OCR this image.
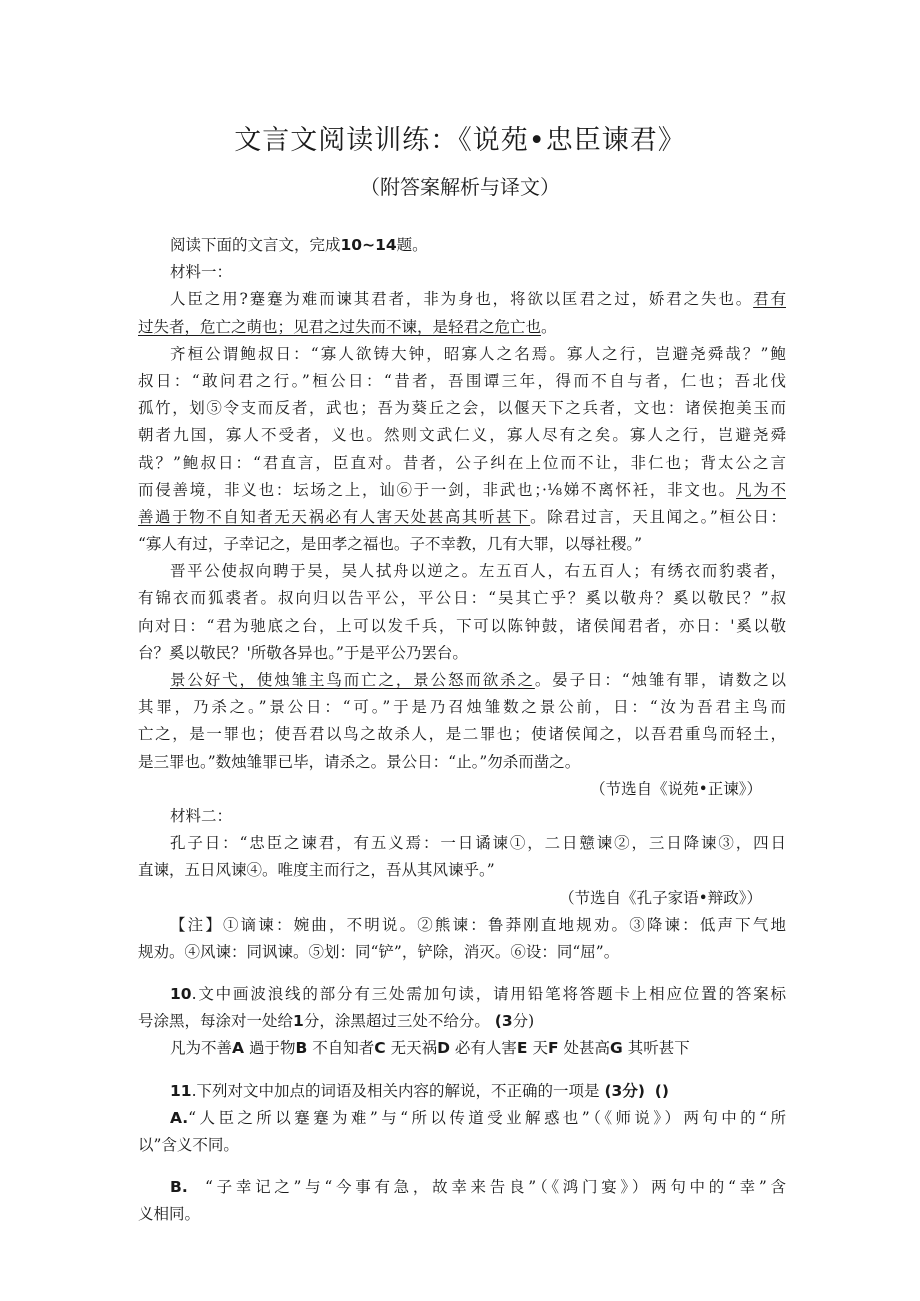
文言文阅读训练：《说苑•忠臣谏君》
（附答案解析与译文）
阅读下面的文言文，完成10~14题。
材料一：
人臣之用?蹇蹇为难而谏其君者，非为身也，将欲以匡君之过，娇君之失也。君有
过失者，危亡之萌也；见君之过失而不谏，是轻君之危亡也。
齐桓公谓鲍叔日：“寡人欲铸大钟，昭寡人之名焉。寡人之行，岂避尧舜哉？”鲍
叔日：“敢问君之行。”桓公日：“昔者，吾围谭三年，得而不自与者，仁也；吾北伐
孤竹，划⑤令支而反者，武也；吾为葵丘之会，以偃天下之兵者，文也：诸侯抱美玉而
朝者九国，寡人不受者，义也。然则文武仁义，寡人尽有之矣。寡人之行，岂避尧舜
哉？”鲍叔日：“君直言，臣直对。昔者，公子纠在上位而不让，非仁也；背太公之言
而侵善境，非义也：坛场之上，讪⑥于一剑，非武也；·⅛娣不离怀衽，非文也。凡为不
善過于物不自知者无天祸必有人害天处甚高其听甚下。除君过言，天且闻之。”桓公日：
“寡人有过，子幸记之，是田孝之福也。子不幸教，几有大罪，以辱社稷。”
晋平公使叔向聘于吴，吴人拭舟以逆之。左五百人，右五百人；有绣衣而豹裘者，
有锦衣而狐裘者。叔向归以告平公，平公日：“吴其亡乎？奚以敬舟？奚以敬民？”叔
向对日：“君为驰底之台，上可以发千兵，下可以陈钟鼓，诸侯闻君者，亦日：'奚以敬
台？奚以敬民？'所敬各异也。”于是平公乃罢台。
景公好弋，使烛雏主鸟而亡之，景公怒而欲杀之。晏子日：“烛雏有罪，请数之以
其罪，乃杀之。”景公日：“可。”于是乃召烛雏数之景公前，日：“汝为吾君主鸟而
亡之，是一罪也；使吾君以鸟之故杀人，是二罪也；使诸侯闻之，以吾君重鸟而轻土，
是三罪也。”数烛雏罪已毕，请杀之。景公日：“止。”勿杀而凿之。
（节选自《说苑•正谏》）
材料二：
孔子日：“忠臣之谏君，有五义焉：一日谲谏①，二日戆谏②，三日降谏③，四日
直谏，五日风谏④。唯度主而行之，吾从其风谏乎。”
（节选自《孔子家语•辩政》）
【注】①谪谏：婉曲，不明说。②熊谏：鲁莽刚直地规劝。③降谏：低声下气地
规劝。④风谏：同讽谏。⑤划：同“铲”，铲除，消灭。⑥设：同“屈”。
10.文中画波浪线的部分有三处需加句读，请用铅笔将答题卡上相应位置的答案标
号涂黑，每涂对一处给1分，涂黑超过三处不给分。 (3分)
凡为不善A 過于物B 不自知者C 无天祸D 必有人害E 天F 处甚高G 其听甚下
11.下列对文中加点的词语及相关内容的解说，不正确的一项是 (3分) ()
A.“人臣之所以蹇蹇为难”与“所以传道受业解惑也”（《师说》）两句中的“所
以”含义不同。
B. “子幸记之”与“今事有急，故幸来告良”（《鸿门宴》）两句中的“幸”含
义相同。
